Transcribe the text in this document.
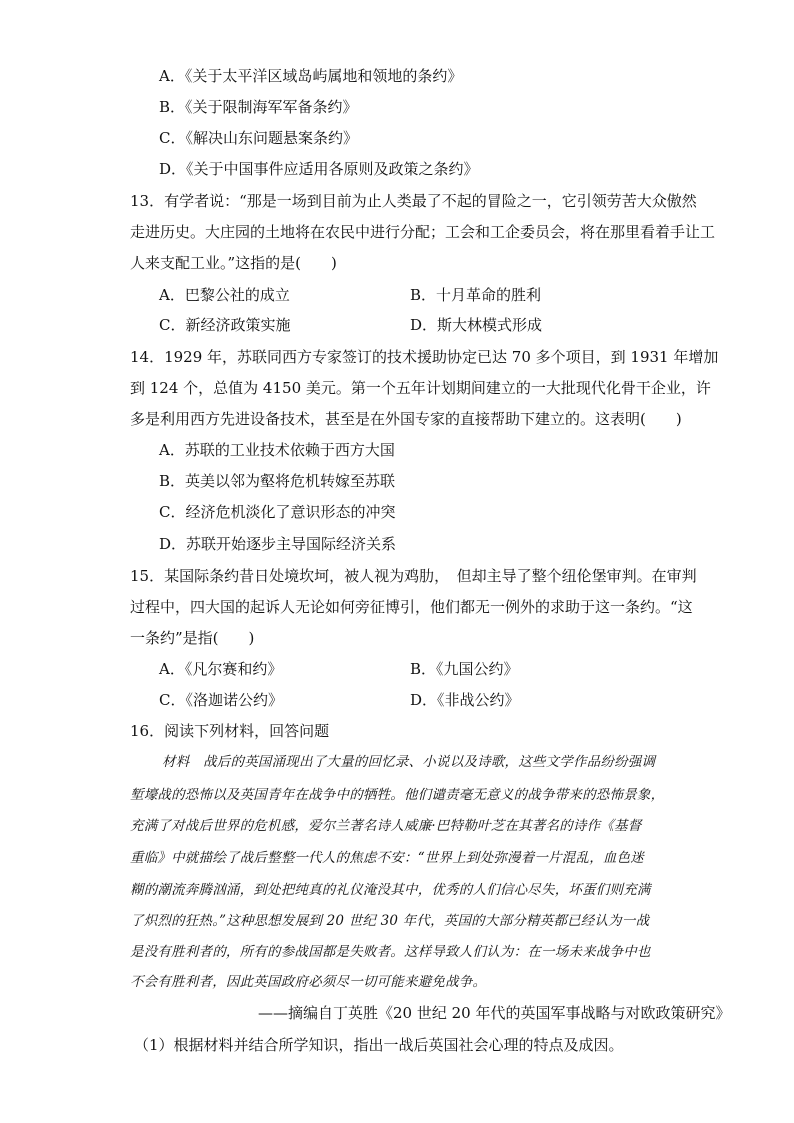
A．《关于太平洋区域岛屿属地和领地的条约》
B．《关于限制海军军备条约》
C．《解决山东问题悬案条约》
D．《关于中国事件应适用各原则及政策之条约》
13．有学者说：“那是一场到目前为止人类最了不起的冒险之一，它引领劳苦大众傲然
走进历史。大庄园的土地将在农民中进行分配；工会和工企委员会，将在那里看着手让工
人来支配工业。”这指的是(　　)
A．巴黎公社的成立	B．十月革命的胜利
C．新经济政策实施	D．斯大林模式形成
14．1929 年，苏联同西方专家签订的技术援助协定已达 70 多个项目，到 1931 年增加
到 124 个，总值为 4150 美元。第一个五年计划期间建立的一大批现代化骨干企业，许
多是利用西方先进设备技术，甚至是在外国专家的直接帮助下建立的。这表明(　　)
A．苏联的工业技术依赖于西方大国
B．英美以邻为壑将危机转嫁至苏联
C．经济危机淡化了意识形态的冲突
D．苏联开始逐步主导国际经济关系
15．某国际条约昔日处境坎坷，被人视为鸡肋，　但却主导了整个纽伦堡审判。在审判
过程中，四大国的起诉人无论如何旁征博引，他们都无一例外的求助于这一条约。“这
一条约”是指(　　)
A．《凡尔赛和约》	B．《九国公约》
C．《洛迦诺公约》	D．《非战公约》
16．阅读下列材料，回答问题
材料　战后的英国涌现出了大量的回忆录、小说以及诗歌，这些文学作品纷纷强调
堑壕战的恐怖以及英国青年在战争中的牺牲。他们谴责毫无意义的战争带来的恐怖景象，
充满了对战后世界的危机感，爱尔兰著名诗人威廉·巴特勒叶芝在其著名的诗作《基督
重临》中就描绘了战后整整一代人的焦虑不安：“世界上到处弥漫着一片混乱，血色迷
糊的潮流奔腾汹涌，到处把纯真的礼仪淹没其中，优秀的人们信心尽失，坏蛋们则充满
了炽烈的狂热。”这种思想发展到 20 世纪 30 年代，英国的大部分精英都已经认为一战
是没有胜利者的，所有的参战国都是失败者。这样导致人们认为：在一场未来战争中也
不会有胜利者，因此英国政府必须尽一切可能来避免战争。
——摘编自丁英胜《20 世纪 20 年代的英国军事战略与对欧政策研究》
（1）根据材料并结合所学知识，指出一战后英国社会心理的特点及成因。
